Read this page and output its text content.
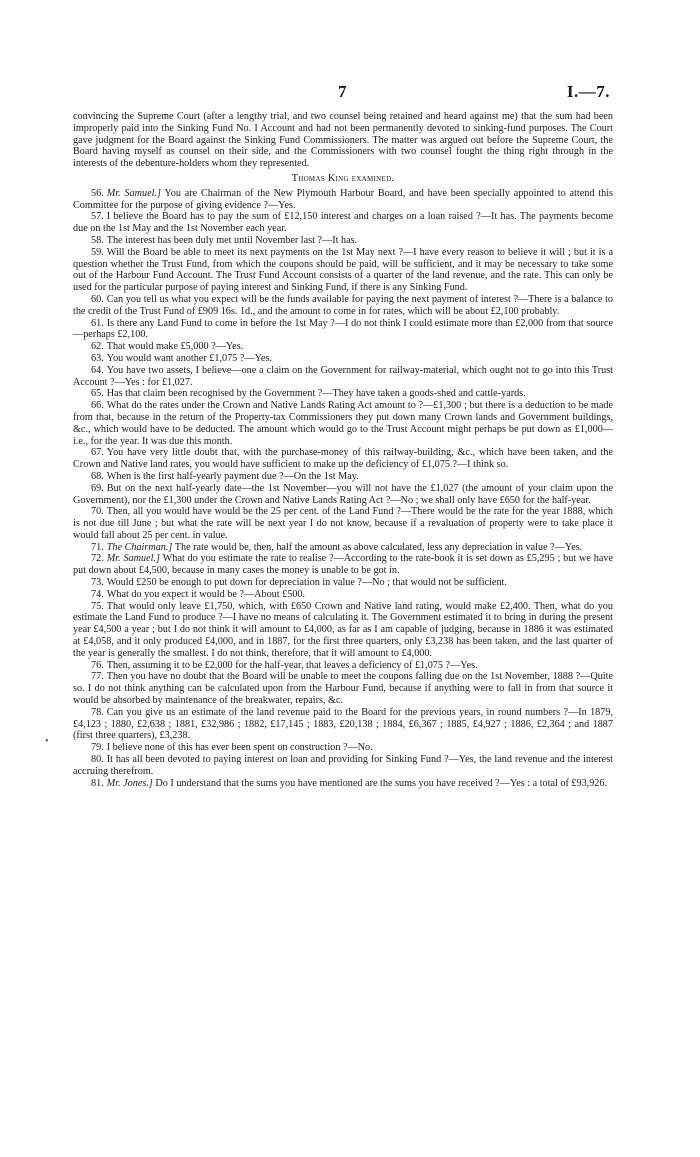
7	I.—7.
•

convincing the Supreme Court (after a lengthy trial, and two counsel being retained and heard against me) that the sum had been improperly paid into the Sinking Fund No. I Account and had not been permanently devoted to sinking-fund purposes. The Court gave judgment for the Board against the Sinking Fund Commissioners. The matter was argued out before the Supreme Court, the Board having myself as counsel on their side, and the Commissioners with two counsel fought the thing right through in the interests of the debenture-holders whom they represented.

Thomas King examined.

56. Mr. Samuel.] You are Chairman of the New Plymouth Harbour Board, and have been specially appointed to attend this Committee for the purpose of giving evidence ?—Yes.

57. I believe the Board has to pay the sum of £12,150 interest and charges on a loan raised ?—It has. The payments become due on the 1st May and the 1st November each year.

58. The interest has been duly met until November last ?—It has.

59. Will the Board be able to meet its next payments on the 1st May next ?—I have every reason to believe it will ; but it is a question whether the Trust Fund, from which the coupons should be paid, will be sufficient, and it may be necessary to take some out of the Harbour Fund Account. The Trust Fund Account consists of a quarter of the land revenue, and the rate. This can only be used for the particular purpose of paying interest and Sinking Fund, if there is any Sinking Fund.

60. Can you tell us what you expect will be the funds available for paying the next payment of interest ?—There is a balance to the credit of the Trust Fund of £909 16s. 1d., and the amount to come in for rates, which will be about £2,100 probably.

61. Is there any Land Fund to come in before the 1st May ?—I do not think I could estimate more than £2,000 from that source—perhaps £2,100.

62. That would make £5,000 ?—Yes.

63. You would want another £1,075 ?—Yes.

64. You have two assets, I believe—one a claim on the Government for railway-material, which ought not to go into this Trust Account ?—Yes : for £1,027.

65. Has that claim been recognised by the Government ?—They have taken a goods-shed and cattle-yards.

66. What do the rates under the Crown and Native Lands Rating Act amount to ?—£1,300 ; but there is a deduction to be made from that, because in the return of the Property-tax Commissioners they put down many Crown lands and Government buildings, &c., which would have to be deducted. The amount which would go to the Trust Account might perhaps be put down as £1,000—i.e., for the year. It was due this month.

67. You have very little doubt that, with the purchase-money of this railway-building, &c., which have been taken, and the Crown and Native land rates, you would have sufficient to make up the deficiency of £1,075 ?—I think so.

68. When is the first half-yearly payment due ?—On the 1st May.

69. But on the next half-yearly date—the 1st November—you will not have the £1,027 (the amount of your claim upon the Government), nor the £1,300 under the Crown and Native Lands Rating Act ?—No ; we shall only have £650 for the half-year.

70. Then, all you would have would be the 25 per cent. of the Land Fund ?—There would be the rate for the year 1888, which is not due till June ; but what the rate will be next year I do not know, because if a revaluation of property were to take place it would fall about 25 per cent. in value.

71. The Chairman.] The rate would be, then, half the amount as above calculated, less any depreciation in value ?—Yes.

72. Mr. Samuel.] What do you estimate the rate to realise ?—According to the rate-book it is set down as £5,295 ; but we have put down about £4,500, because in many cases the money is unable to be got in.

73. Would £250 be enough to put down for depreciation in value ?—No ; that would not be sufficient.

74. What do you expect it would be ?—About £500.

75. That would only leave £1,750, which, with £650 Crown and Native land rating, would make £2,400. Then, what do you estimate the Land Fund to produce ?—I have no means of calculating it. The Government estimated it to bring in during the present year £4,500 a year ; but I do not think it will amount to £4,000, as far as I am capable of judging, because in 1886 it was estimated at £4,058, and it only produced £4,000, and in 1887, for the first three quarters, only £3,238 has been taken, and the last quarter of the year is generally the smallest. I do not think, therefore, that it will amount to £4,000.

76. Then, assuming it to be £2,000 for the half-year, that leaves a deficiency of £1,075 ?—Yes.

77. Then you have no doubt that the Board will be unable to meet the coupons falling due on the 1st November, 1888 ?—Quite so. I do not think anything can be calculated upon from the Harbour Fund, because if anything were to fall in from that source it would be absorbed by maintenance of the breakwater, repairs, &c.

78. Can you give us an estimate of the land revenue paid to the Board for the previous years, in round numbers ?—In 1879, £4,123 ; 1880, £2,638 ; 1881, £32,986 ; 1882, £17,145 ; 1883, £20,138 ; 1884, £6,367 ; 1885, £4,927 ; 1886, £2,364 ; and 1887 (first three quarters), £3,238.

79. I believe none of this has ever been spent on construction ?—No.

80. It has all been devoted to paying interest on loan and providing for Sinking Fund ?—Yes, the land revenue and the interest accruing therefrom.

81. Mr. Jones.] Do I understand that the sums you have mentioned are the sums you have received ?—Yes : a total of £93,926.
